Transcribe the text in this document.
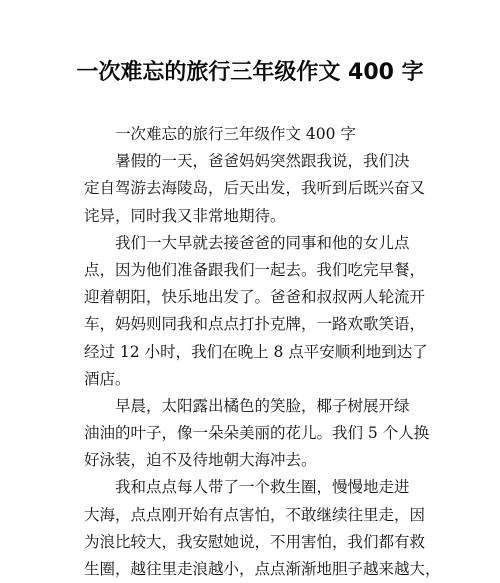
一次难忘的旅行三年级作文 400 字
一次难忘的旅行三年级作文 400 字
暑假的一天，爸爸妈妈突然跟我说，我们决
定自驾游去海陵岛，后天出发，我听到后既兴奋又
诧异，同时我又非常地期待。
我们一大早就去接爸爸的同事和他的女儿点
点，因为他们准备跟我们一起去。我们吃完早餐，
迎着朝阳，快乐地出发了。爸爸和叔叔两人轮流开
车，妈妈则同我和点点打扑克牌，一路欢歌笑语，
经过 12 小时，我们在晚上 8 点平安顺利地到达了
酒店。
早晨，太阳露出橘色的笑脸，椰子树展开绿
油油的叶子，像一朵朵美丽的花儿。我们 5 个人换
好泳装，迫不及待地朝大海冲去。
我和点点每人带了一个救生圈，慢慢地走进
大海，点点刚开始有点害怕，不敢继续往里走，因
为浪比较大，我安慰她说，不用害怕，我们都有救
生圈，越往里走浪越小，点点渐渐地胆子越来越大，
